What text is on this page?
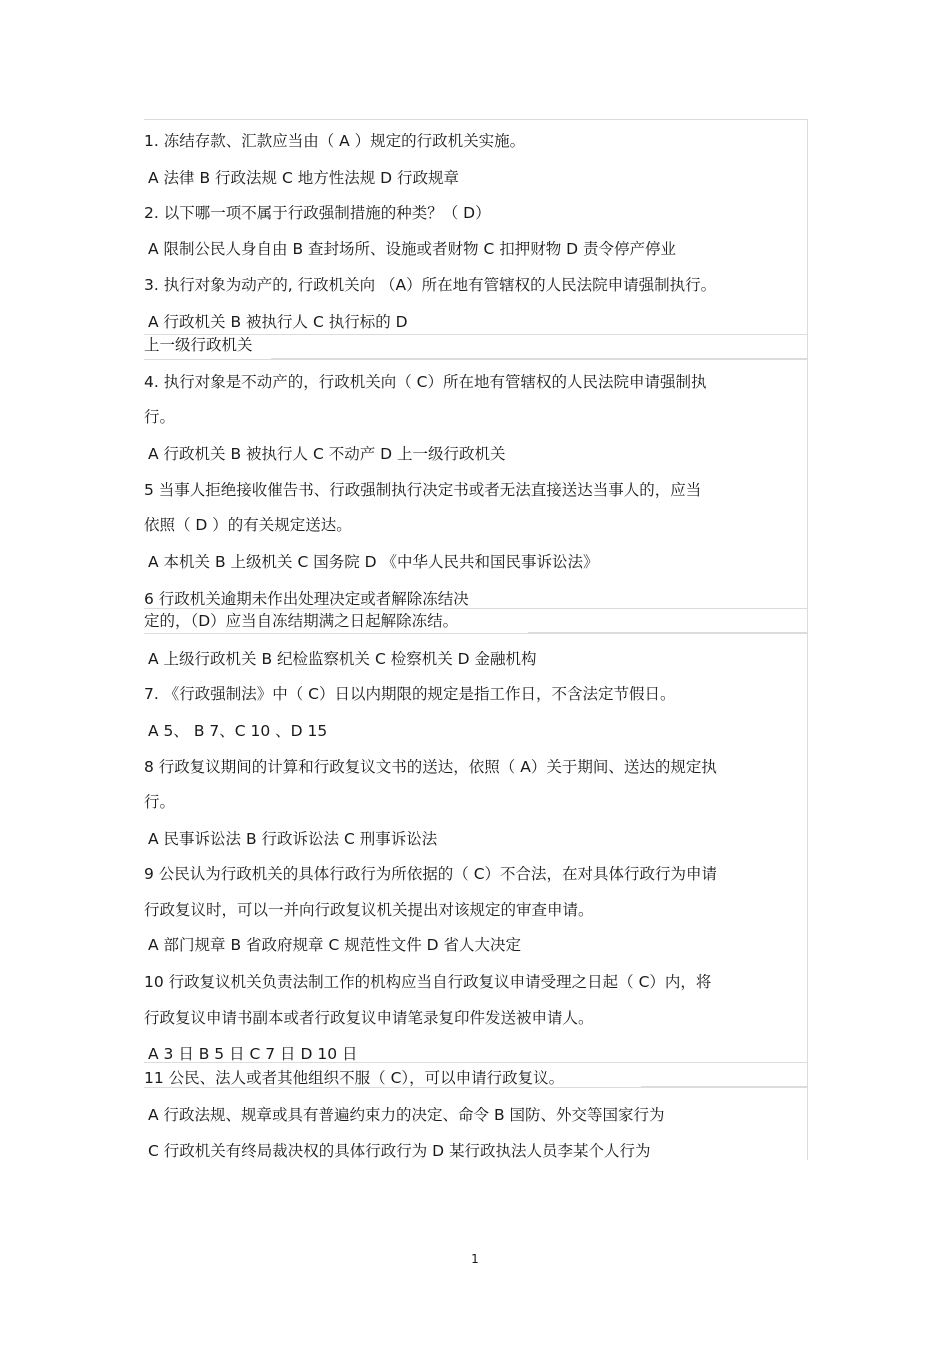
1. 冻结存款、汇款应当由（ A ）规定的行政机关实施。
A 法律 B 行政法规 C 地方性法规 D 行政规章
2. 以下哪一项不属于行政强制措施的种类？（ D）
A 限制公民人身自由 B 查封场所、设施或者财物 C 扣押财物 D 责令停产停业
3. 执行对象为动产的, 行政机关向 （A）所在地有管辖权的人民法院申请强制执行。
A 行政机关 B 被执行人 C 执行标的 D
上一级行政机关
4. 执行对象是不动产的，行政机关向（ C）所在地有管辖权的人民法院申请强制执
行。
A 行政机关 B 被执行人 C 不动产 D 上一级行政机关
5 当事人拒绝接收催告书、行政强制执行决定书或者无法直接送达当事人的，应当
依照（ D ）的有关规定送达。
A 本机关 B 上级机关 C 国务院 D 《中华人民共和国民事诉讼法》
6 行政机关逾期未作出处理决定或者解除冻结决
定的，（D）应当自冻结期满之日起解除冻结。
A 上级行政机关 B 纪检监察机关 C 检察机关 D 金融机构
7. 《行政强制法》中（ C）日以内期限的规定是指工作日，不含法定节假日。
A 5、 B 7、C 10 、D 15
8 行政复议期间的计算和行政复议文书的送达，依照（ A）关于期间、送达的规定执
行。
A 民事诉讼法 B 行政诉讼法 C 刑事诉讼法
9 公民认为行政机关的具体行政行为所依据的（ C）不合法，在对具体行政行为申请
行政复议时，可以一并向行政复议机关提出对该规定的审查申请。
A 部门规章 B 省政府规章 C 规范性文件 D 省人大决定
10 行政复议机关负责法制工作的机构应当自行政复议申请受理之日起（ C）内，将
行政复议申请书副本或者行政复议申请笔录复印件发送被申请人。
A 3 日 B 5 日 C 7 日 D 10 日
11 公民、法人或者其他组织不服（ C），可以申请行政复议。
A 行政法规、规章或具有普遍约束力的决定、命令 B 国防、外交等国家行为
C 行政机关有终局裁决权的具体行政行为 D 某行政执法人员李某个人行为
1
